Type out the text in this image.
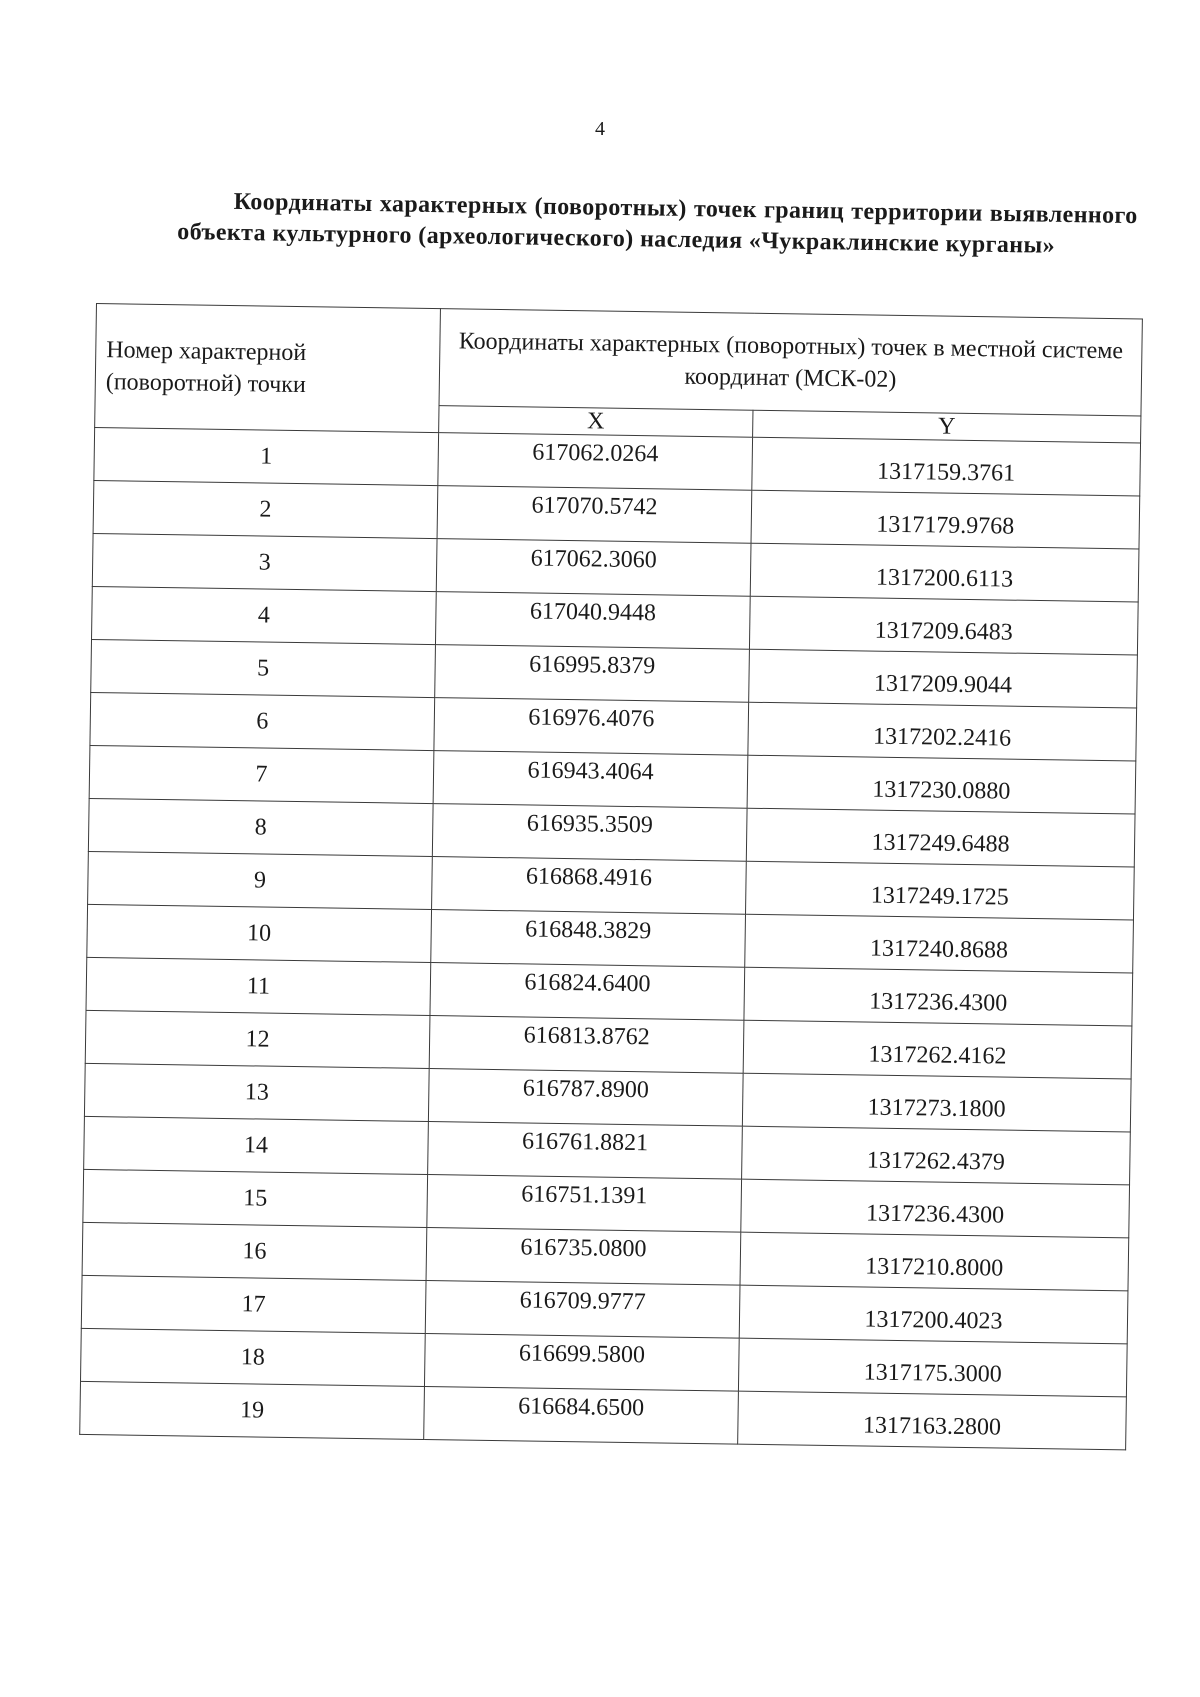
4
Координаты характерных (поворотных) точек границ территории выявленного объекта культурного (археологического) наследия «Чукраклинские курганы»
Номер характерной (поворотной) точки	Координаты характерных (поворотных) точек в местной системе координат (МСК-02)	
	X	Y
1	617062.0264	1317159.3761
2	617070.5742	1317179.9768
3	617062.3060	1317200.6113
4	617040.9448	1317209.6483
5	616995.8379	1317209.9044
6	616976.4076	1317202.2416
7	616943.4064	1317230.0880
8	616935.3509	1317249.6488
9	616868.4916	1317249.1725
10	616848.3829	1317240.8688
11	616824.6400	1317236.4300
12	616813.8762	1317262.4162
13	616787.8900	1317273.1800
14	616761.8821	1317262.4379
15	616751.1391	1317236.4300
16	616735.0800	1317210.8000
17	616709.9777	1317200.4023
18	616699.5800	1317175.3000
19	616684.6500	1317163.2800
